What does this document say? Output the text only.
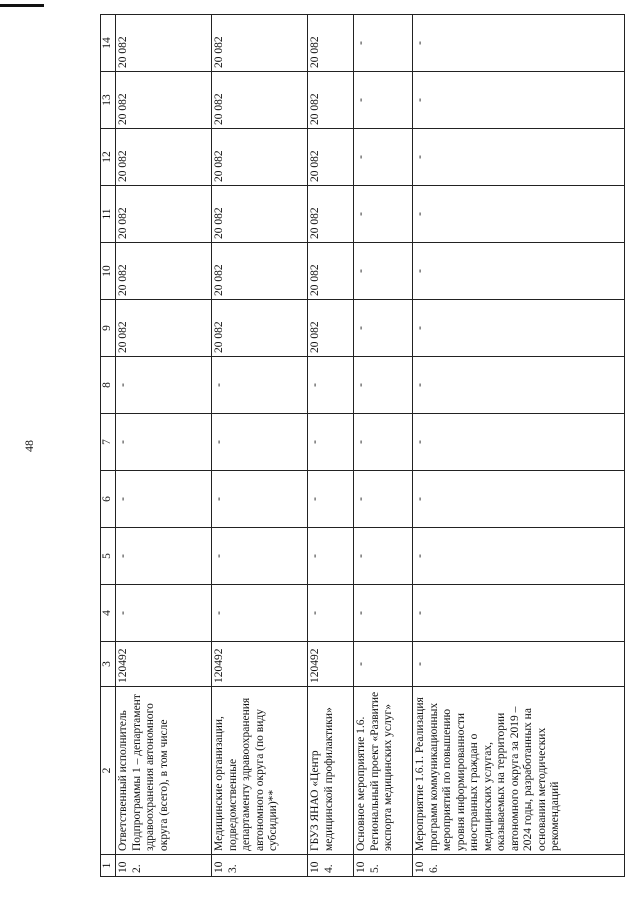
48
1	2	3	4	5	6	7	8	9	10	11	12	13	14
102.	Ответственный исполнитель Подпрограммы 1 – департамент здравоохранения автономного округа (всего), в том числе	120492	-	-	-	-	-	20 082	20 082	20 082	20 082	20 082	20 082
103.	Медицинские организации, подведомственные департаменту здравоохранения автономного округа (по виду субсидии)**	120492	-	-	-	-	-	20 082	20 082	20 082	20 082	20 082	20 082
104.	ГБУЗ ЯНАО «Центр медицинской профилактики»	120492	-	-	-	-	-	20 082	20 082	20 082	20 082	20 082	20 082
105.	Основное мероприятие 1.6. Региональный проект «Развитие экспорта медицинских услуг»	-	-	-	-	-	-	-	-	-	-	-	-
106.	Мероприятие 1.6.1. Реализация программ коммуникационных мероприятий по повышению уровня информированности иностранных граждан о медицинских услугах, оказываемых на территории автономного округа за 2019 – 2024 годы, разработанных на основании методических рекомендаций	-	-	-	-	-	-	-	-	-	-	-	-
